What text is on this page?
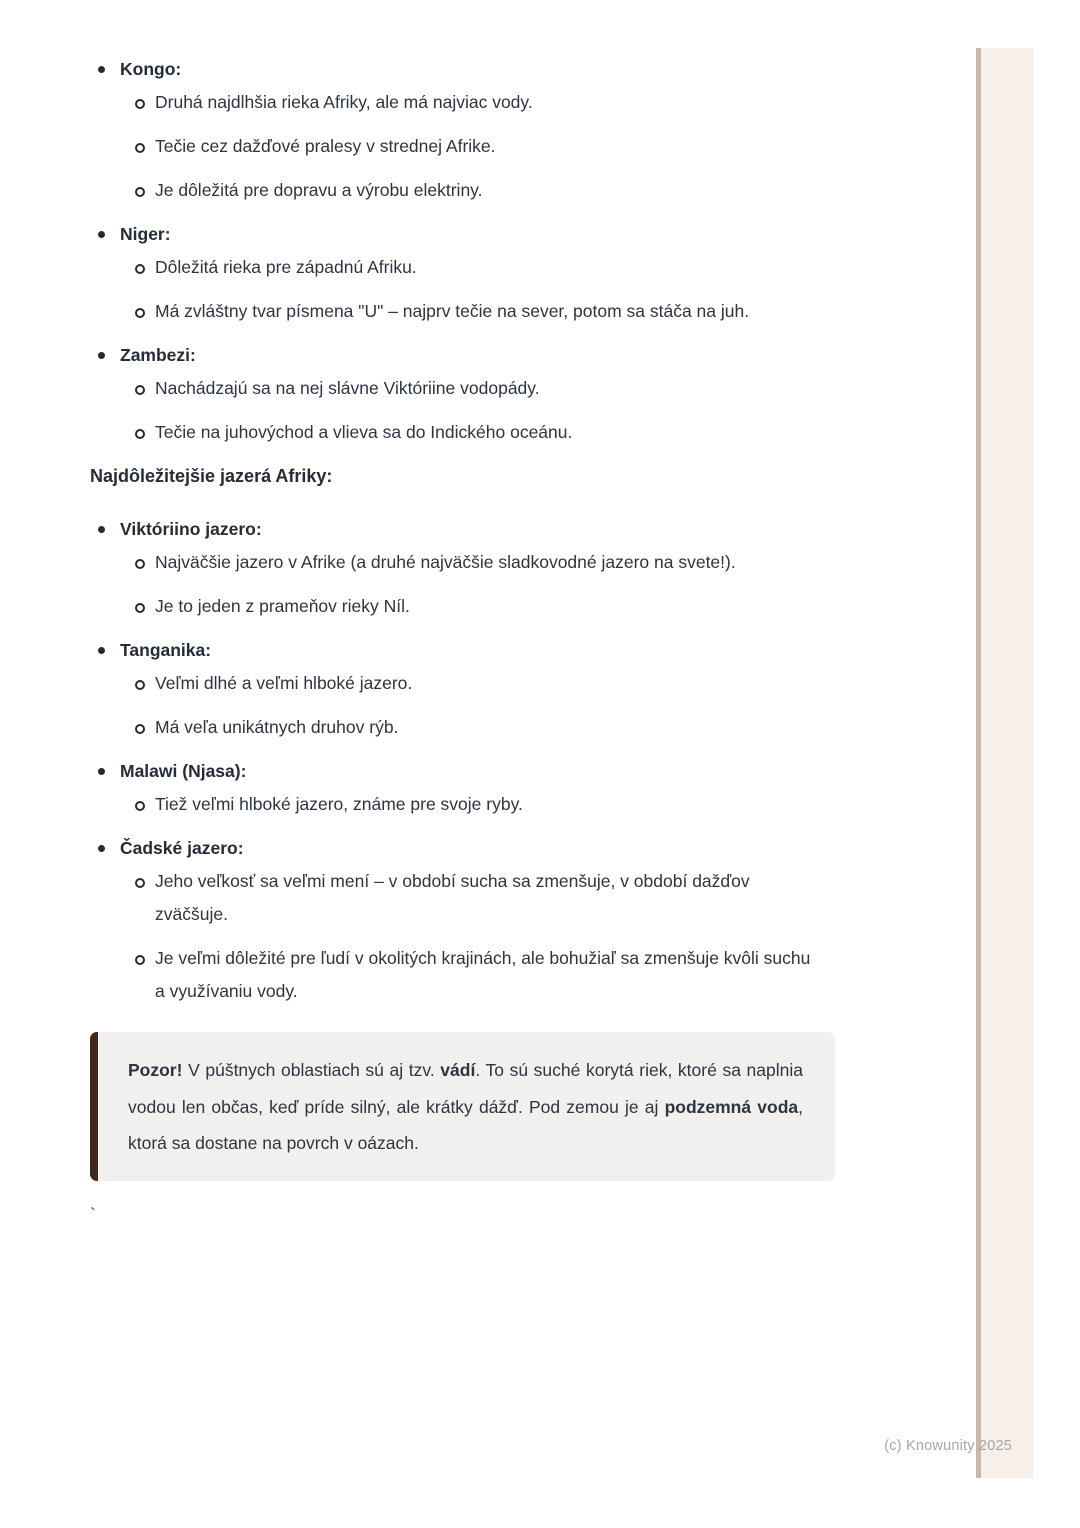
Kongo:

Druhá najdlhšia rieka Afriky, ale má najviac vody.

Tečie cez dažďové pralesy v strednej Afrike.

Je dôležitá pre dopravu a výrobu elektriny.

Niger:

Dôležitá rieka pre západnú Afriku.

Má zvláštny tvar písmena "U" – najprv tečie na sever, potom sa stáča na juh.

Zambezi:

Nachádzajú sa na nej slávne Viktóriine vodopády.

Tečie na juhovýchod a vlieva sa do Indického oceánu.

Najdôležitejšie jazerá Afriky:
Viktóriino jazero:

Najväčšie jazero v Afrike (a druhé najväčšie sladkovodné jazero na svete!).

Je to jeden z prameňov rieky Níl.

Tanganika:

Veľmi dlhé a veľmi hlboké jazero.

Má veľa unikátnych druhov rýb.

Malawi (Njasa):

Tiež veľmi hlboké jazero, známe pre svoje ryby.

Čadské jazero:

Jeho veľkosť sa veľmi mení – v období sucha sa zmenšuje, v období dažďov zväčšuje.

Je veľmi dôležité pre ľudí v okolitých krajinách, ale bohužiaľ sa zmenšuje kvôli suchu a využívaniu vody.

Pozor! V púštnych oblastiach sú aj tzv. vádí. To sú suché korytá riek, ktoré sa naplnia vodou len občas, keď príde silný, ale krátky dážď. Pod zemou je aj podzemná voda, ktorá sa dostane na povrch v oázach.

`
(c) Knowunity 2025
